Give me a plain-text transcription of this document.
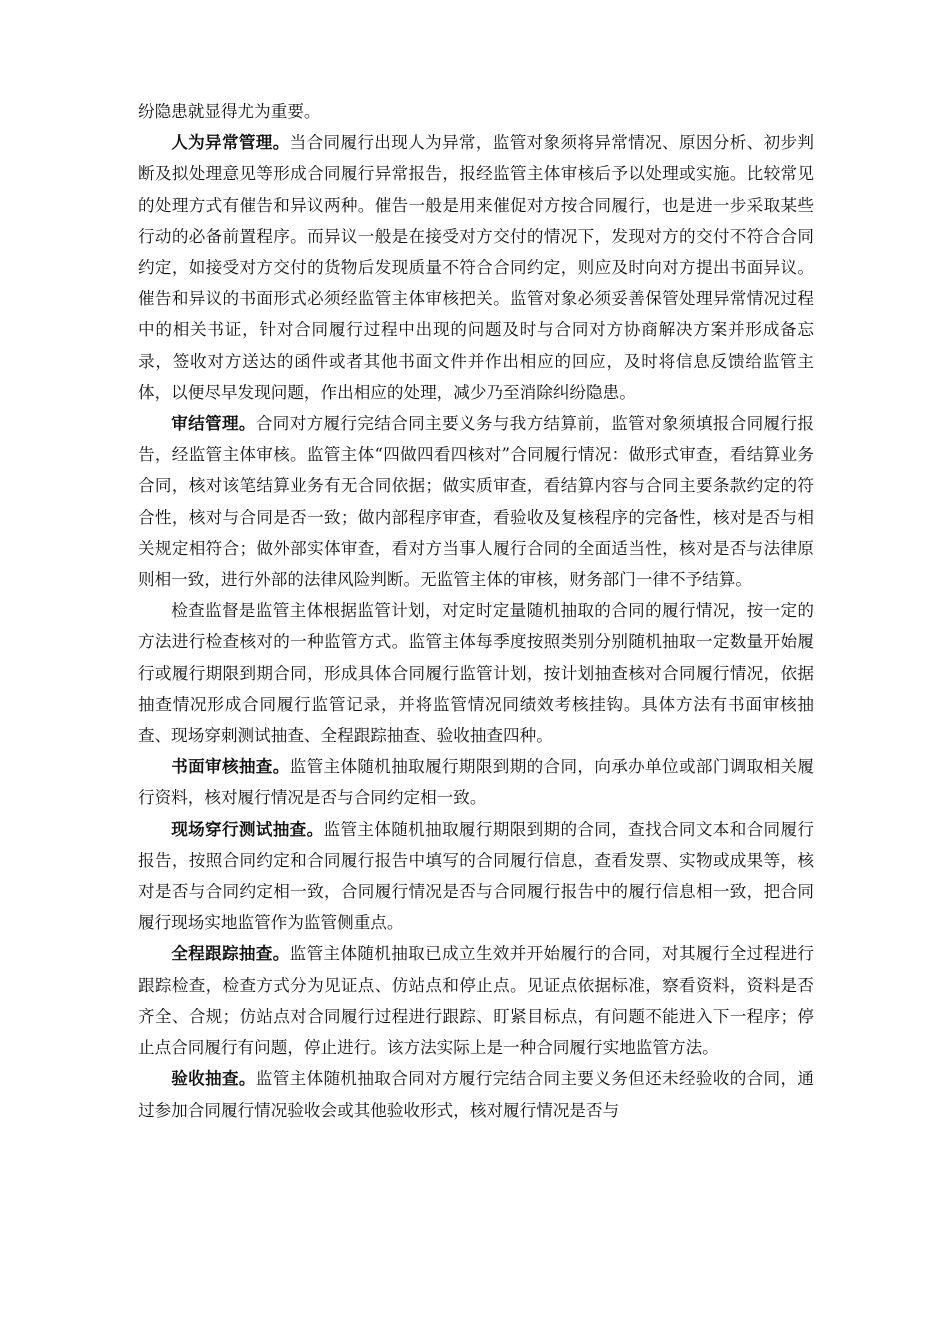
纷隐患就显得尤为重要。

人为异常管理。当合同履行出现人为异常，监管对象须将异常情况、原因分析、初步判断及拟处理意见等形成合同履行异常报告，报经监管主体审核后予以处理或实施。比较常见的处理方式有催告和异议两种。催告一般是用来催促对方按合同履行，也是进一步采取某些行动的必备前置程序。而异议一般是在接受对方交付的情况下，发现对方的交付不符合合同约定，如接受对方交付的货物后发现质量不符合合同约定，则应及时向对方提出书面异议。催告和异议的书面形式必须经监管主体审核把关。监管对象必须妥善保管处理异常情况过程中的相关书证，针对合同履行过程中出现的问题及时与合同对方协商解决方案并形成备忘录，签收对方送达的函件或者其他书面文件并作出相应的回应，及时将信息反馈给监管主体，以便尽早发现问题，作出相应的处理，减少乃至消除纠纷隐患。

审结管理。合同对方履行完结合同主要义务与我方结算前，监管对象须填报合同履行报告，经监管主体审核。监管主体“四做四看四核对”合同履行情况：做形式审查，看结算业务合同，核对该笔结算业务有无合同依据；做实质审查，看结算内容与合同主要条款约定的符合性，核对与合同是否一致；做内部程序审查，看验收及复核程序的完备性，核对是否与相关规定相符合；做外部实体审查，看对方当事人履行合同的全面适当性，核对是否与法律原则相一致，进行外部的法律风险判断。无监管主体的审核，财务部门一律不予结算。

检查监督是监管主体根据监管计划，对定时定量随机抽取的合同的履行情况，按一定的方法进行检查核对的一种监管方式。监管主体每季度按照类别分别随机抽取一定数量开始履行或履行期限到期合同，形成具体合同履行监管计划，按计划抽查核对合同履行情况，依据抽查情况形成合同履行监管记录，并将监管情况同绩效考核挂钩。具体方法有书面审核抽查、现场穿刺测试抽查、全程跟踪抽查、验收抽查四种。

书面审核抽查。监管主体随机抽取履行期限到期的合同，向承办单位或部门调取相关履行资料，核对履行情况是否与合同约定相一致。

现场穿行测试抽查。监管主体随机抽取履行期限到期的合同，查找合同文本和合同履行报告，按照合同约定和合同履行报告中填写的合同履行信息，查看发票、实物或成果等，核对是否与合同约定相一致，合同履行情况是否与合同履行报告中的履行信息相一致，把合同履行现场实地监管作为监管侧重点。

全程跟踪抽查。监管主体随机抽取已成立生效并开始履行的合同，对其履行全过程进行跟踪检查，检查方式分为见证点、仿站点和停止点。见证点依据标准，察看资料，资料是否齐全、合规；仿站点对合同履行过程进行跟踪、盯紧目标点，有问题不能进入下一程序；停止点合同履行有问题，停止进行。该方法实际上是一种合同履行实地监管方法。

验收抽查。监管主体随机抽取合同对方履行完结合同主要义务但还未经验收的合同，通过参加合同履行情况验收会或其他验收形式，核对履行情况是否与
